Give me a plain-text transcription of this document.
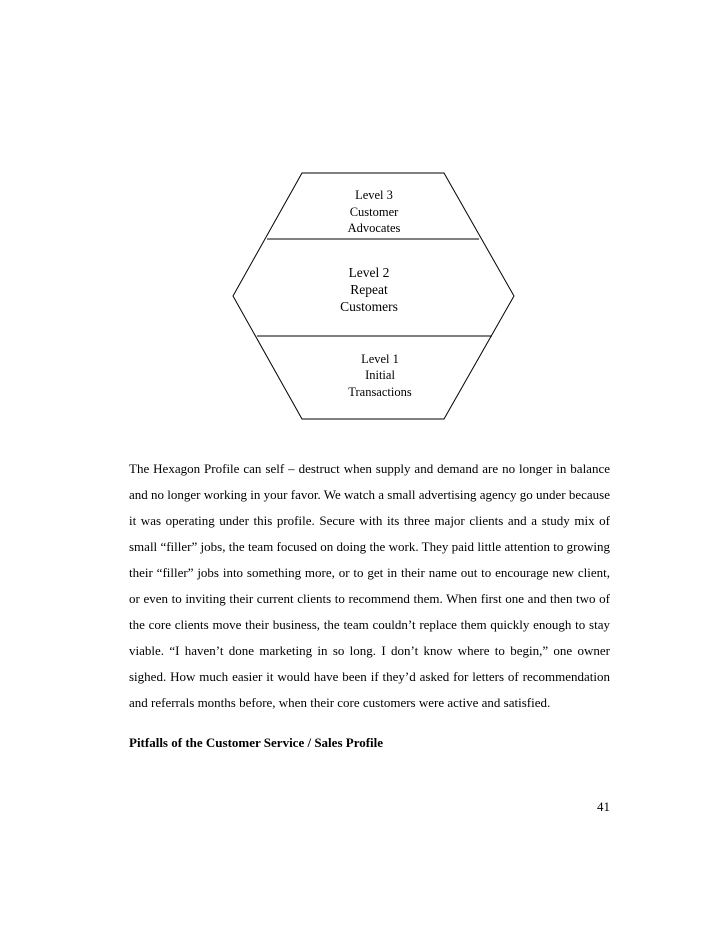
Level 3
Customer
Advocates
Level 2
Repeat
Customers
Level 1
Initial
Transactions

The Hexagon Profile can self – destruct when supply and demand are no longer in balance and no longer working in your favor. We watch a small advertising agency go under because it was operating under this profile. Secure with its three major clients and a study mix of small “filler” jobs, the team focused on doing the work. They paid little attention to growing their “filler” jobs into something more, or to get in their name out to encourage new client, or even to inviting their current clients to recommend them. When first one and then two of the core clients move their business, the team couldn’t replace them quickly enough to stay viable. “I haven’t done marketing in so long. I don’t know where to begin,” one owner sighed. How much easier it would have been if they’d asked for letters of recommendation and referrals months before, when their core customers were active and satisfied.

Pitfalls of the Customer Service / Sales Profile

41
